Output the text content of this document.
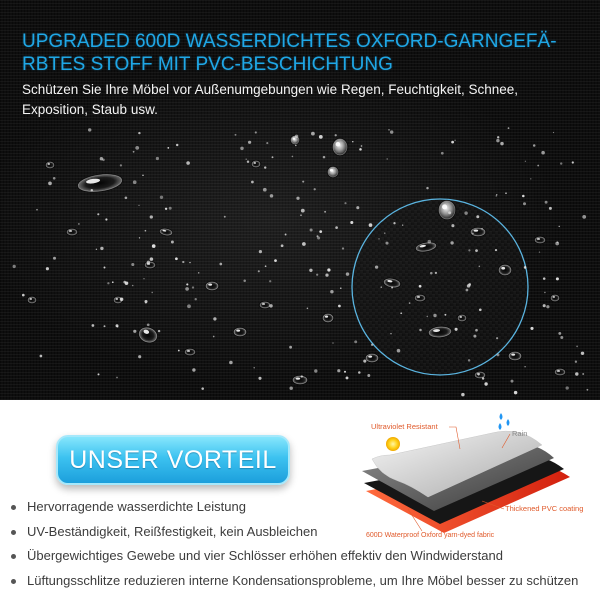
UPGRADED 600D WASSERDICHTES OXFORD-GARNGEFÄ-
RBTES STOFF MIT PVC-BESCHICHTUNG
Schützen Sie Ihre Möbel vor Außenumgebungen wie Regen, Feuchtigkeit, Schnee,
Exposition, Staub usw.
UNSER VORTEIL
Ultraviolet Resistant
Rain
Thickened PVC coating
600D Waterproof Oxford yarn-dyed fabric
Hervorragende wasserdichte Leistung
UV-Beständigkeit, Reißfestigkeit, kein Ausbleichen
Übergewichtiges Gewebe und vier Schlösser erhöhen effektiv den Windwiderstand
Lüftungsschlitze reduzieren interne Kondensationsprobleme, um Ihre Möbel besser zu schützen
